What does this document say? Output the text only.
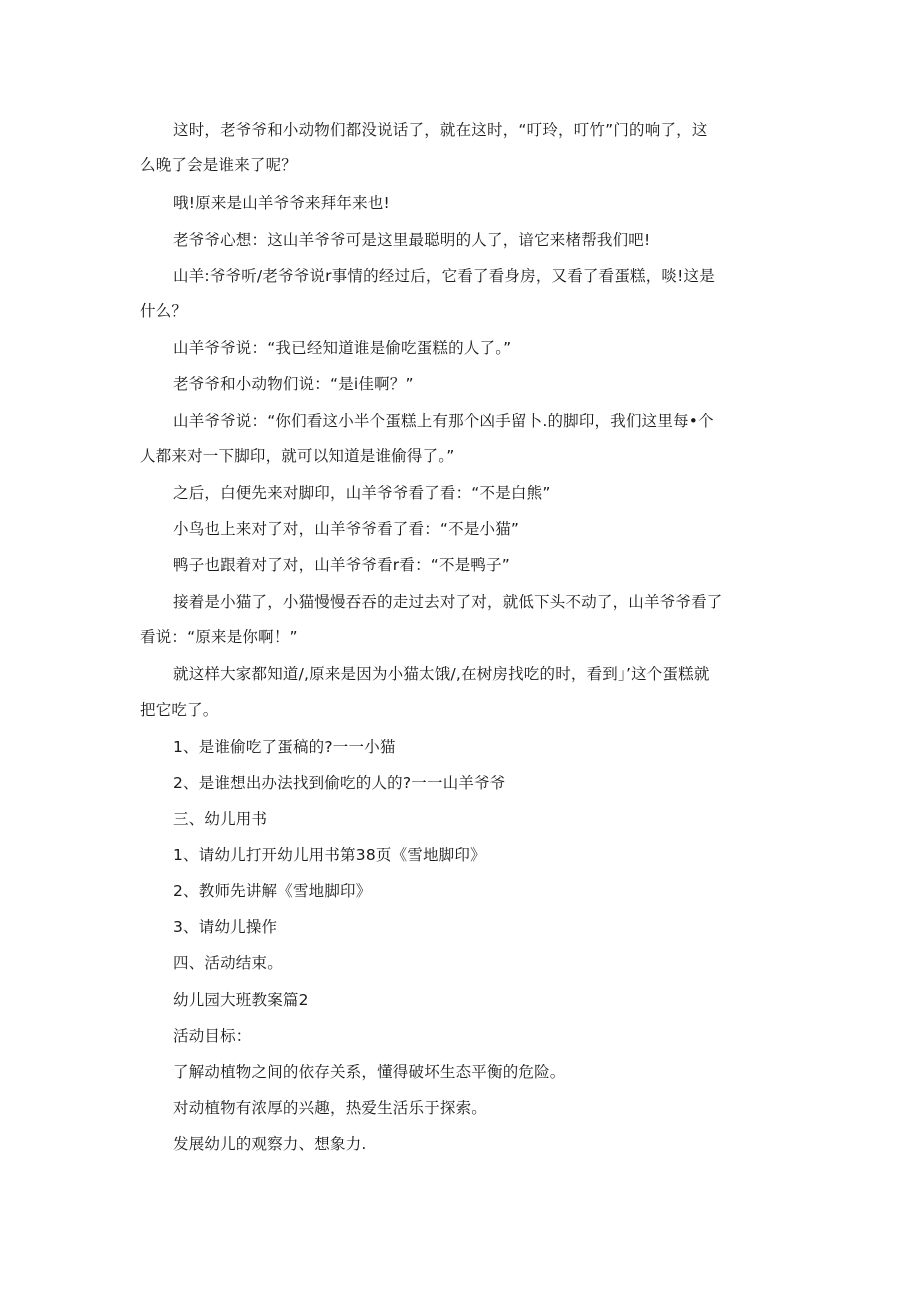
这时，老爷爷和小动物们都没说话了，就在这时，“叮玲，叮竹”门的响了，这
么晚了会是谁来了呢？
哦!原来是山羊爷爷来拜年来也!
老爷爷心想：这山羊爷爷可是这里最聪明的人了，谙它来楮帮我们吧!
山羊:爷爷听/老爷爷说r事情的经过后，它看了看身房，又看了看蛋糕，啖!这是
什么？
山羊爷爷说：“我已经知道谁是偷吃蛋糕的人了。”
老爷爷和小动物们说：“是i佳啊？”
山羊爷爷说：“你们看这小半个蛋糕上有那个凶手留卜.的脚印，我们这里每•个
人都来对一下脚印，就可以知道是谁偷得了。”
之后，白便先来对脚印，山羊爷爷看了看：“不是白熊”
小鸟也上来对了对，山羊爷爷看了看：“不是小猫”
鸭子也跟着对了对，山羊爷爷看r看：“不是鸭子”
接着是小猫了，小猫慢慢吞吞的走过去对了对，就低下头不动了，山羊爷爷看了
看说：“原来是你啊！”
就这样大家都知道/,原来是因为小猫太饿/,在树房找吃的时，看到」’这个蛋糕就
把它吃了。
1、是谁偷吃了蛋稿的?一一小猫
2、是谁想出办法找到偷吃的人的?一一山羊爷爷
三、幼儿用书
1、请幼儿打开幼儿用书第38页《雪地脚印》
2、教师先讲解《雪地脚印》
3、请幼儿操作
四、活动结束。
幼儿园大班教案篇2
活动目标：
了解动植物之间的依存关系，懂得破坏生态平衡的危险。
对动植物有浓厚的兴趣，热爱生活乐于探索。
发展幼儿的观察力、想象力.
